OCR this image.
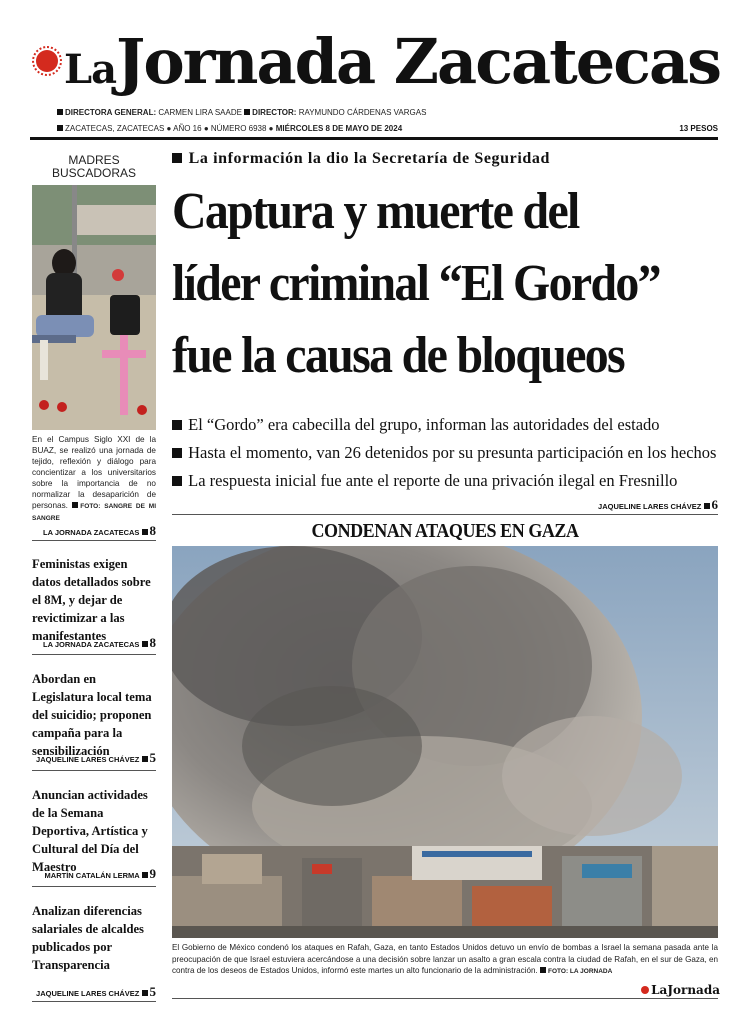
LaJornada Zacatecas
DIRECTORA GENERAL: CARMEN LIRA SAADE DIRECTOR: RAYMUNDO CÁRDENAS VARGAS
ZACATECAS, ZACATECAS ● AÑO 16 ● NÚMERO 6938 ● MIÉRCOLES 8 DE MAYO DE 2024	13 PESOS
MADRES BUSCADORAS
En el Campus Siglo XXI de la BUAZ, se realizó una jornada de tejido, reflexión y diálogo para concientizar a los universitarios sobre la importancia de no normalizar la desaparición de personas. FOTO: SANGRE DE MI SANGRE
LA JORNADA ZACATECAS 8
Feministas exigen datos detallados sobre el 8M, y dejar de revictimizar a las manifestantes
LA JORNADA ZACATECAS 8
Abordan en Legislatura local tema del suicidio; proponen campaña para la sensibilización
JAQUELINE LARES CHÁVEZ 5
Anuncian actividades de la Semana Deportiva, Artística y Cultural del Día del Maestro
MARTÍN CATALÁN LERMA 9
Analizan diferencias salariales de alcaldes publicados por Transparencia
JAQUELINE LARES CHÁVEZ 5
La información la dio la Secretaría de Seguridad
Captura y muerte del
líder criminal “El Gordo”
fue la causa de bloqueos
El “Gordo” era cabecilla del grupo, informan las autoridades del estado
Hasta el momento, van 26 detenidos por su presunta participación en los hechos
La respuesta inicial fue ante el reporte de una privación ilegal en Fresnillo
JAQUELINE LARES CHÁVEZ 6
CONDENAN ATAQUES EN GAZA
El Gobierno de México condenó los ataques en Rafah, Gaza, en tanto Estados Unidos detuvo un envío de bombas a Israel la semana pasada ante la preocupación de que Israel estuviera acercándose a una decisión sobre lanzar un asalto a gran escala contra la ciudad de Rafah, en el sur de Gaza, en contra de los deseos de Estados Unidos, informó este martes un alto funcionario de la administración. FOTO: LA JORNADA
LaJornada
